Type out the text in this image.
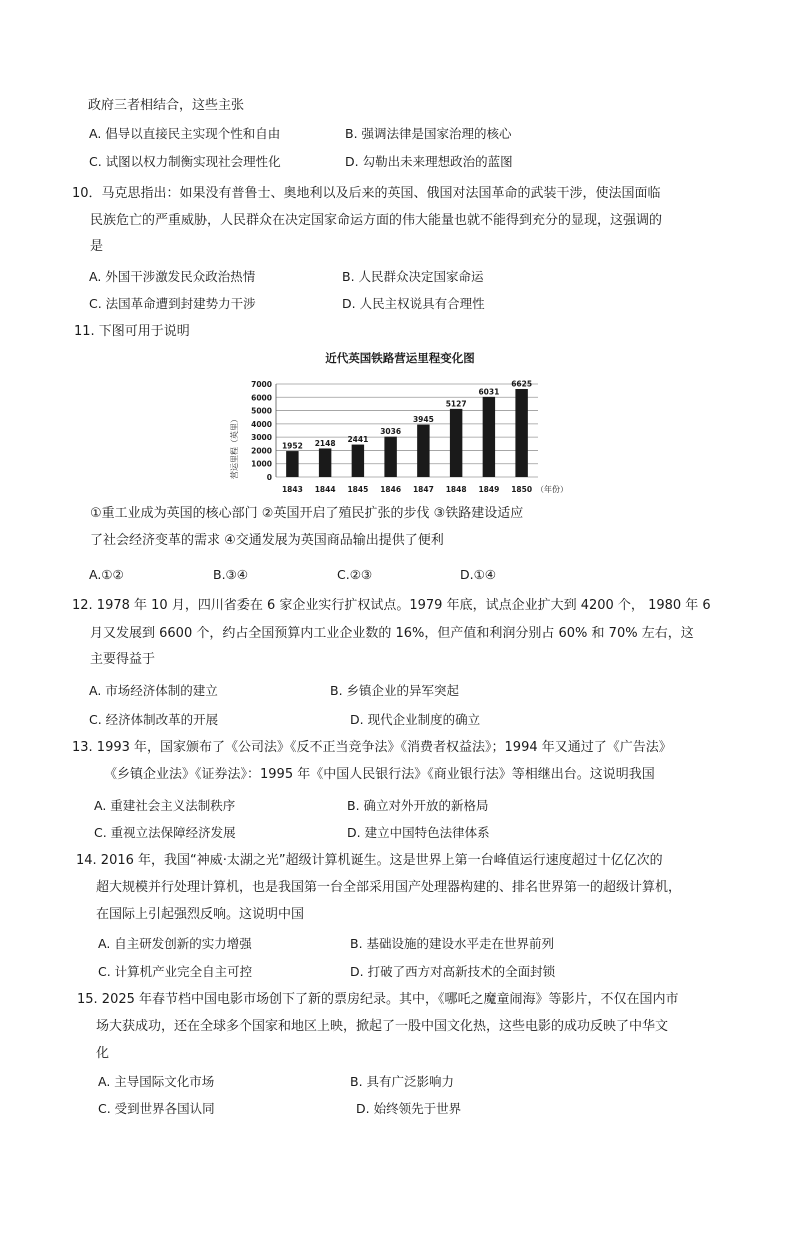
政府三者相结合，这些主张
A. 倡导以直接民主实现个性和自由	B. 强调法律是国家治理的核心
C. 试图以权力制衡实现社会理性化	D. 勾勒出未来理想政治的蓝图
10．马克思指出：如果没有普鲁士、奥地利以及后来的英国、俄国对法国革命的武装干涉，使法国面临
民族危亡的严重威胁，人民群众在决定国家命运方面的伟大能量也就不能得到充分的显现，这强调的
是
A. 外国干涉激发民众政治热情	B. 人民群众决定国家命运
C. 法国革命遭到封建势力干涉	D. 人民主权说具有合理性
11. 下图可用于说明
近代英国铁路营运里程变化图
营运里程（英里）	0
1000
2000
3000
4000
5000
6000
7000
1952 2148 2441
3036
3945
5127
6031
6625
1843 1844 1845 1846 1847 1848 1849 1850 （年份）
①重工业成为英国的核心部门 ②英国开启了殖民扩张的步伐 ③铁路建设适应
了社会经济变革的需求 ④交通发展为英国商品输出提供了便利
A.①②	B.③④	C.②③	D.①④
12. 1978 年 10 月，四川省委在 6 家企业实行扩权试点。1979 年底，试点企业扩大到 4200 个， 1980 年 6
月又发展到 6600 个，约占全国预算内工业企业数的 16%，但产值和利润分别占 60% 和 70% 左右，这
主要得益于
A. 市场经济体制的建立	B. 乡镇企业的异军突起
C. 经济体制改革的开展	D. 现代企业制度的确立
13. 1993 年，国家颁布了《公司法》《反不正当竞争法》《消费者权益法》；1994 年又通过了《广告法》
《乡镇企业法》《证券法》：1995 年《中国人民银行法》《商业银行法》等相继出台。这说明我国
A. 重建社会主义法制秩序	B. 确立对外开放的新格局
C. 重视立法保障经济发展	D. 建立中国特色法律体系
14. 2016 年，我国“神威·太湖之光”超级计算机诞生。这是世界上第一台峰值运行速度超过十亿亿次的
超大规模并行处理计算机，也是我国第一台全部采用国产处理器构建的、排名世界第一的超级计算机，
在国际上引起强烈反响。这说明中国
A. 自主研发创新的实力增强	B. 基础设施的建设水平走在世界前列
C. 计算机产业完全自主可控	D. 打破了西方对高新技术的全面封锁
15. 2025 年春节档中国电影市场创下了新的票房纪录。其中，《哪吒之魔童闹海》等影片，不仅在国内市
场大获成功，还在全球多个国家和地区上映，掀起了一股中国文化热，这些电影的成功反映了中华文
化
A. 主导国际文化市场	B. 具有广泛影响力
C. 受到世界各国认同	D. 始终领先于世界
